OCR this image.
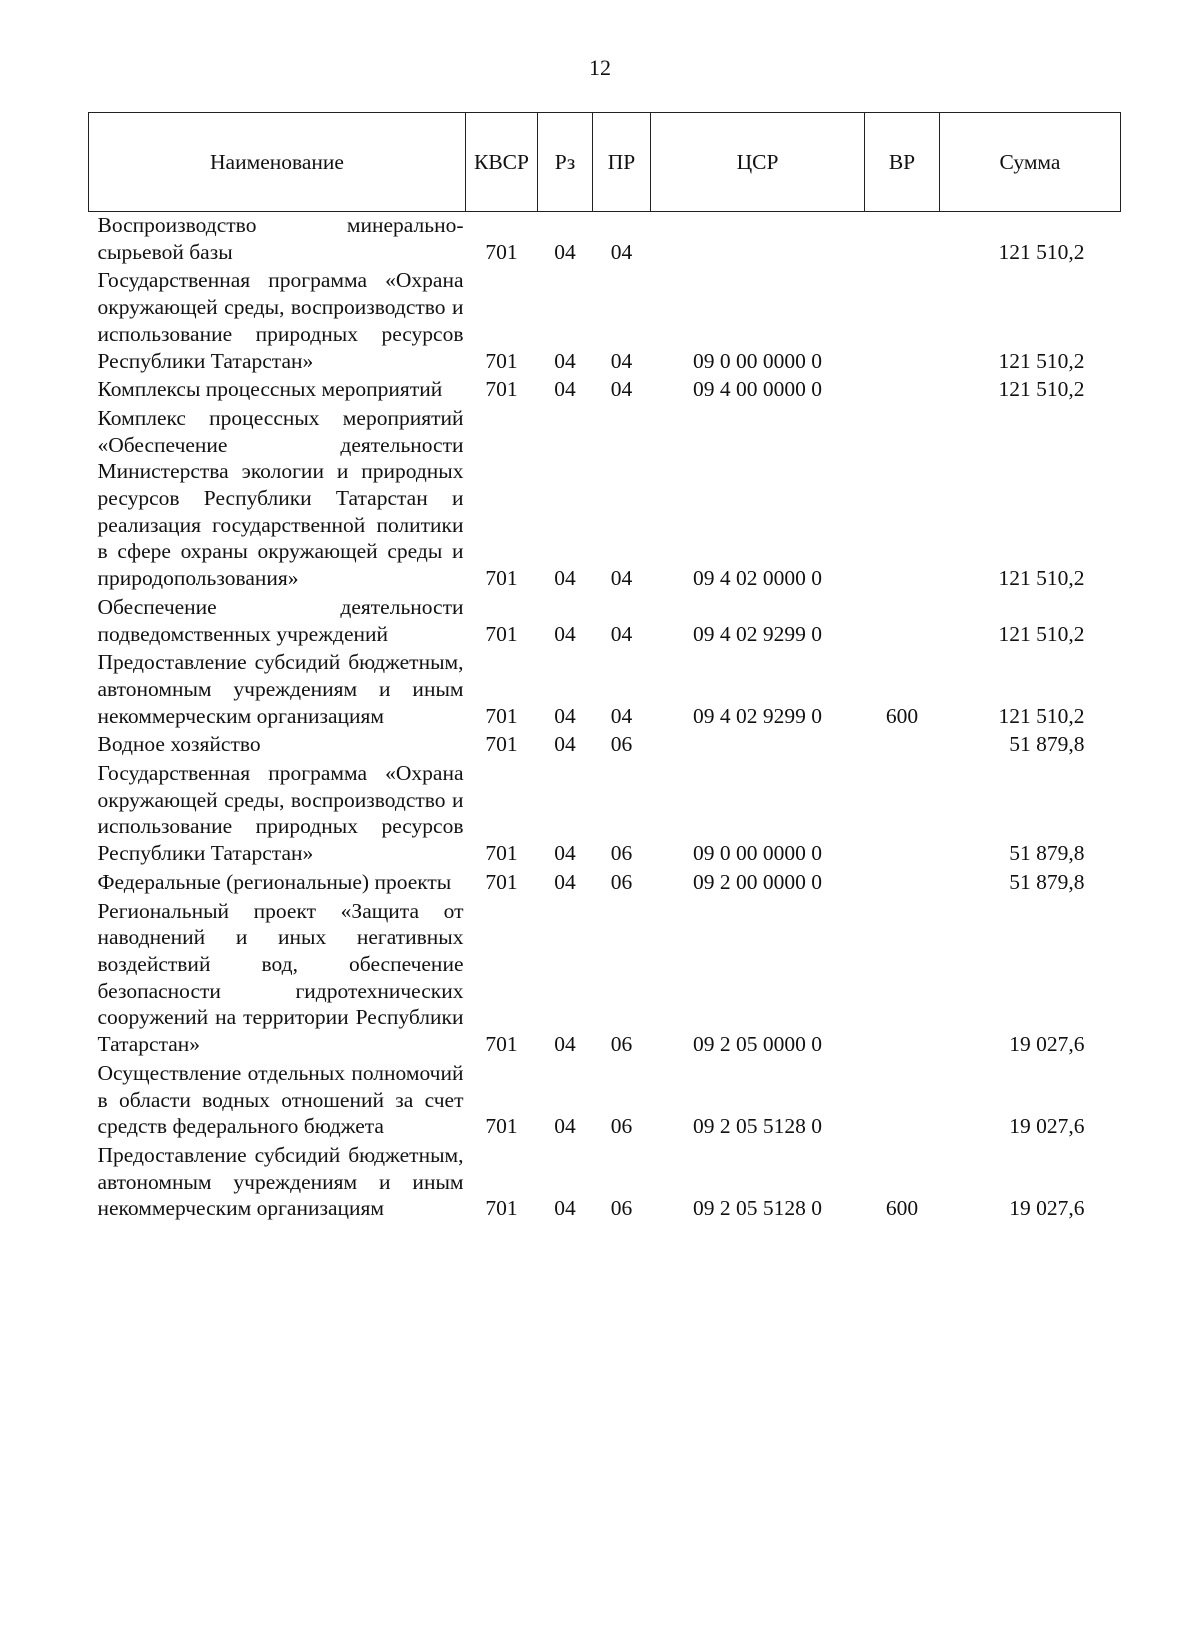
12
Наименование	КВСР	Рз	ПР	ЦСР	ВР	Сумма
Воспроизводство минерально-сырьевой базы	701	04	04			121 510,2
Государственная программа «Охрана окружающей среды, воспроизводство и использование природных ресурсов Республики Татарстан»	701	04	04	09 0 00 0000 0		121 510,2
Комплексы процессных мероприятий	701	04	04	09 4 00 0000 0		121 510,2
Комплекс процессных мероприятий «Обеспечение деятельности Министерства экологии и природных ресурсов Республики Татарстан и реализация государственной политики в сфере охраны окружающей среды и природопользования»	701	04	04	09 4 02 0000 0		121 510,2
Обеспечение деятельности подведомственных учреждений	701	04	04	09 4 02 9299 0		121 510,2
Предоставление субсидий бюджетным, автономным учреждениям и иным некоммерческим организациям	701	04	04	09 4 02 9299 0	600	121 510,2
Водное хозяйство	701	04	06			51 879,8
Государственная программа «Охрана окружающей среды, воспроизводство и использование природных ресурсов Республики Татарстан»	701	04	06	09 0 00 0000 0		51 879,8
Федеральные (региональные) проекты	701	04	06	09 2 00 0000 0		51 879,8
Региональный проект «Защита от наводнений и иных негативных воздействий вод, обеспечение безопасности гидротехнических сооружений на территории Республики Татарстан»	701	04	06	09 2 05 0000 0		19 027,6
Осуществление отдельных полномочий в области водных отношений за счет средств федерального бюджета	701	04	06	09 2 05 5128 0		19 027,6
Предоставление субсидий бюджетным, автономным учреждениям и иным некоммерческим организациям	701	04	06	09 2 05 5128 0	600	19 027,6
